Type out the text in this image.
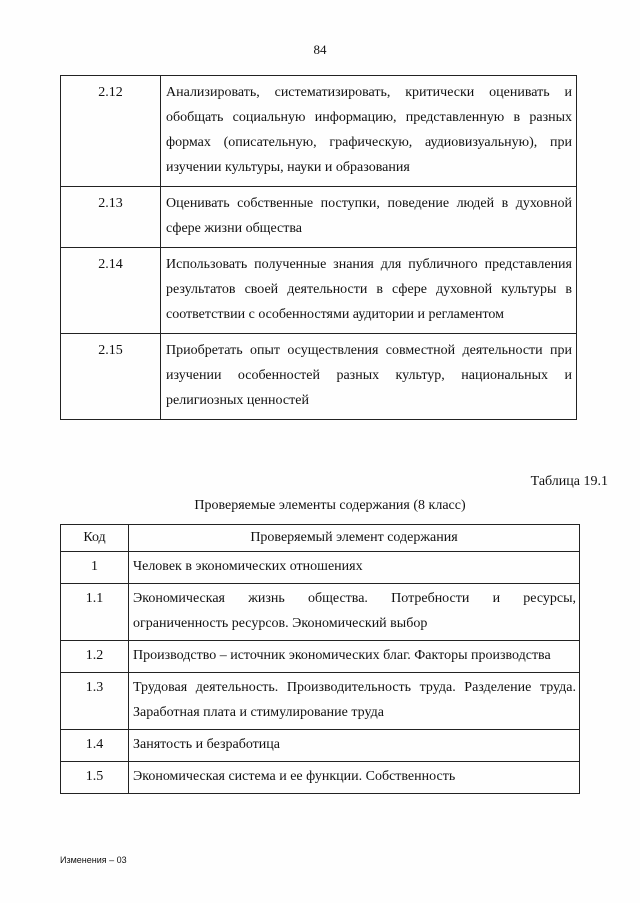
84
2.12	Анализировать, систематизировать, критически оценивать и обобщать социальную информацию, представленную в разных формах (описательную, графическую, аудиовизуальную), при изучении культуры, науки и образования
2.13	Оценивать собственные поступки, поведение людей в духовной сфере жизни общества
2.14	Использовать полученные знания для публичного представления результатов своей деятельности в сфере духовной культуры в соответствии с особенностями аудитории и регламентом
2.15	Приобретать опыт осуществления совместной деятельности при изучении особенностей разных культур, национальных и религиозных ценностей
Таблица 19.1
Проверяемые элементы содержания (8 класс)
Код	Проверяемый элемент содержания
1	Человек в экономических отношениях
1.1	Экономическая жизнь общества. Потребности и ресурсы, ограниченность ресурсов. Экономический выбор
1.2	Производство – источник экономических благ. Факторы производства
1.3	Трудовая деятельность. Производительность труда. Разделение труда. Заработная плата и стимулирование труда
1.4	Занятость и безработица
1.5	Экономическая система и ее функции. Собственность
Изменения – 03
